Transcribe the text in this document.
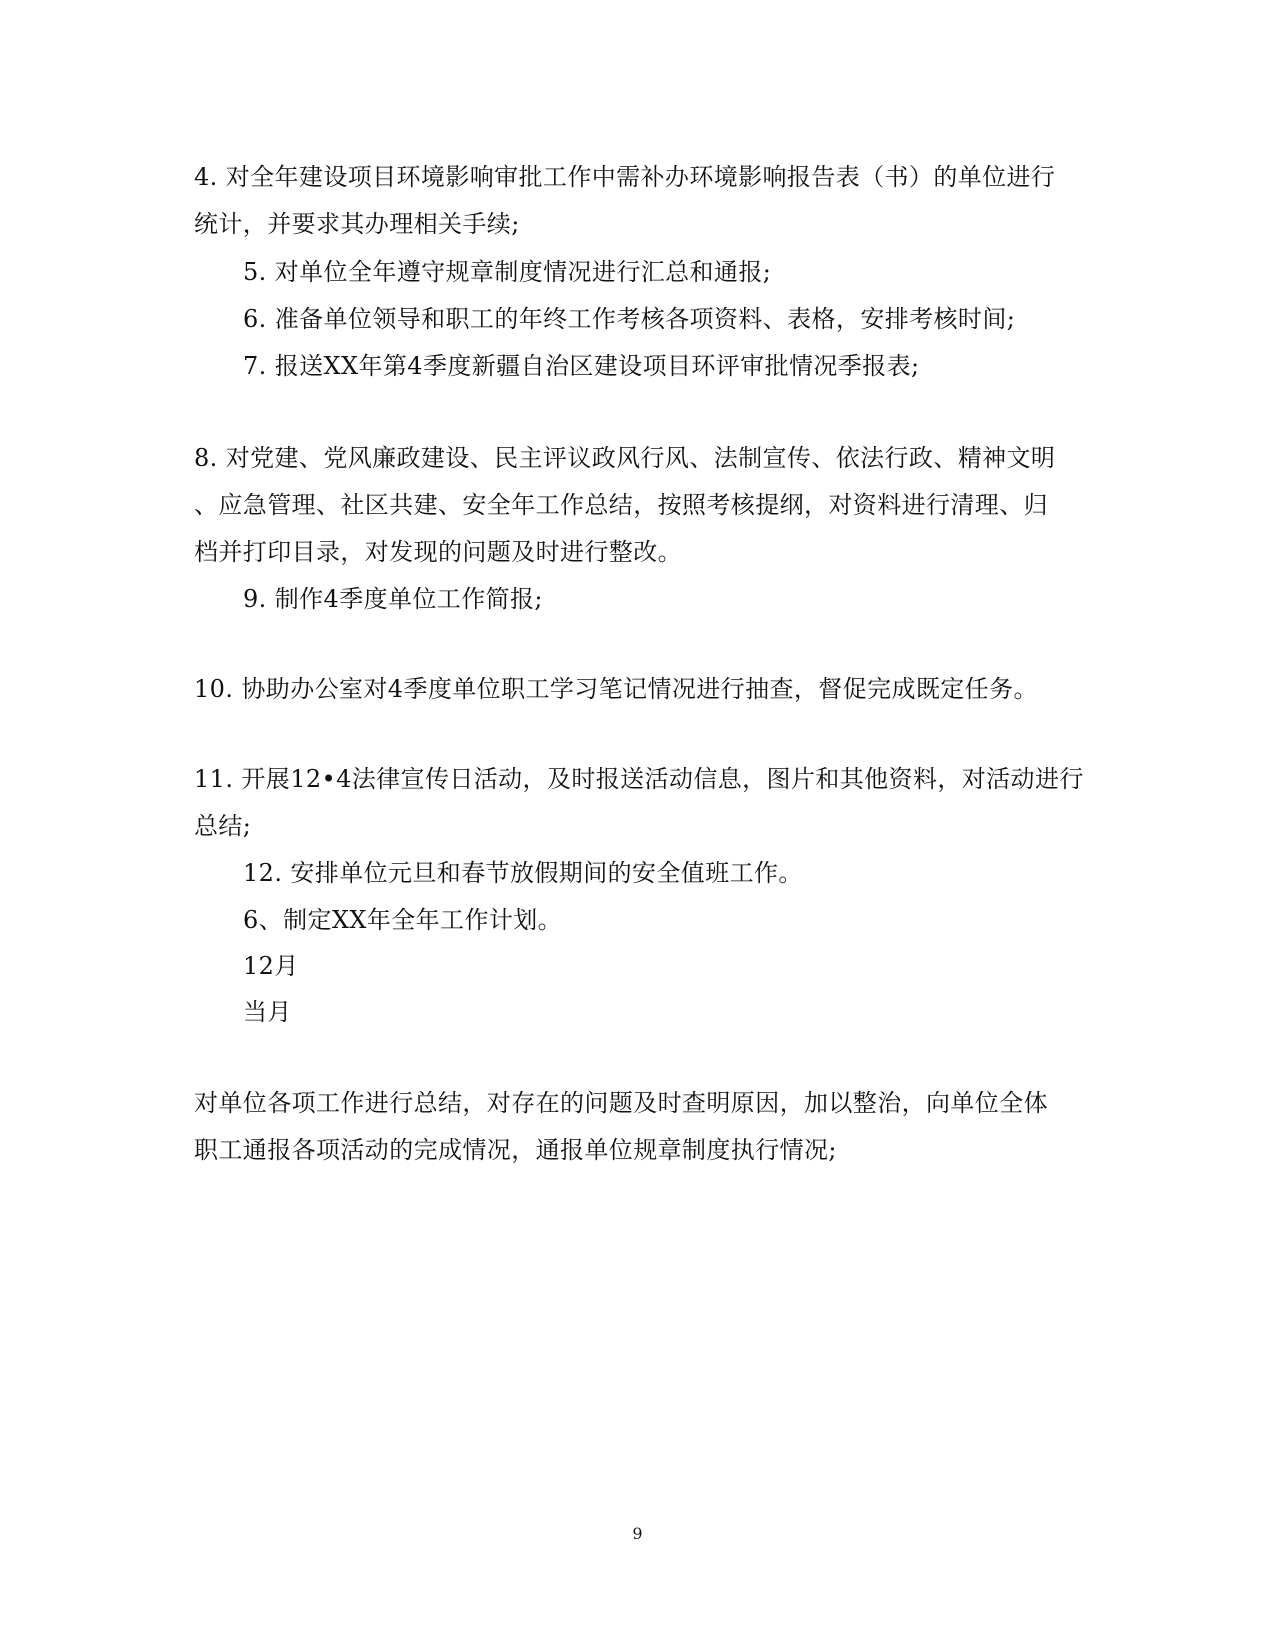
4. 对全年建设项目环境影响审批工作中需补办环境影响报告表（书）的单位进行
统计，并要求其办理相关手续;
5. 对单位全年遵守规章制度情况进行汇总和通报;
6. 准备单位领导和职工的年终工作考核各项资料、表格，安排考核时间;
7. 报送XX年第4季度新疆自治区建设项目环评审批情况季报表;
8. 对党建、党风廉政建设、民主评议政风行风、法制宣传、依法行政、精神文明
、应急管理、社区共建、安全年工作总结，按照考核提纲，对资料进行清理、归
档并打印目录，对发现的问题及时进行整改。
9. 制作4季度单位工作简报;
10. 协助办公室对4季度单位职工学习笔记情况进行抽查，督促完成既定任务。
11. 开展12•4法律宣传日活动，及时报送活动信息，图片和其他资料，对活动进行
总结;
12. 安排单位元旦和春节放假期间的安全值班工作。
6、制定XX年全年工作计划。
12月
当月
对单位各项工作进行总结，对存在的问题及时查明原因，加以整治，向单位全体
职工通报各项活动的完成情况，通报单位规章制度执行情况;
9
